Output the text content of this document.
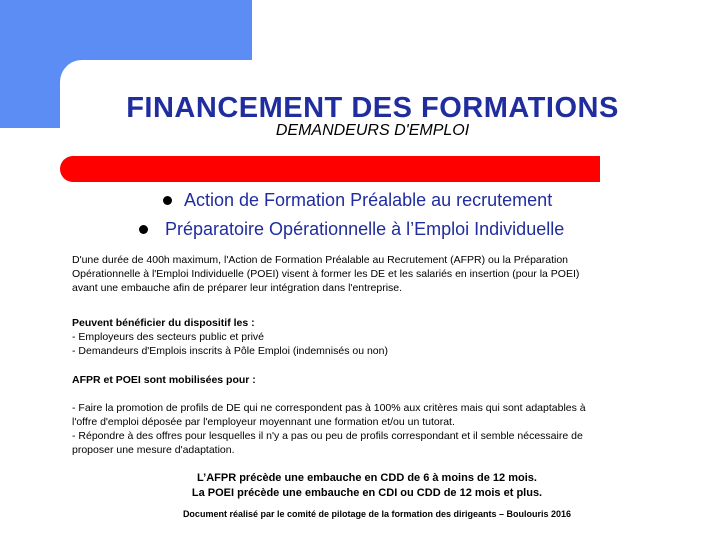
FINANCEMENT DES FORMATIONS
DEMANDEURS D'EMPLOI
Action de Formation Préalable au recrutement
Préparatoire Opérationnelle à l’Emploi Individuelle

D'une durée de 400h maximum, l'Action de Formation Préalable au Recrutement (AFPR) ou la Préparation
Opérationnelle à l'Emploi Individuelle (POEI) visent à former les DE et les salariés en insertion (pour la POEI)
avant une embauche afin de préparer leur intégration dans l'entreprise.

Peuvent bénéficier du dispositif les :

- Employeurs des secteurs public et privé

- Demandeurs d'Emplois inscrits à Pôle Emploi (indemnisés ou non)

AFPR et POEI sont mobilisées pour :

- Faire la promotion de profils de DE qui ne correspondent pas à 100% aux critères mais qui sont adaptables à
l'offre d'emploi déposée par l'employeur moyennant une formation et/ou un tutorat.
- Répondre à des offres pour lesquelles il n'y a pas ou peu de profils correspondant et il semble nécessaire de
proposer une mesure d'adaptation.

L’AFPR précède une embauche en CDD de 6 à moins de 12 mois.
La POEI précède une embauche en CDI ou CDD de 12 mois et plus.
Document réalisé par le comité de pilotage de la formation des dirigeants – Boulouris 2016
